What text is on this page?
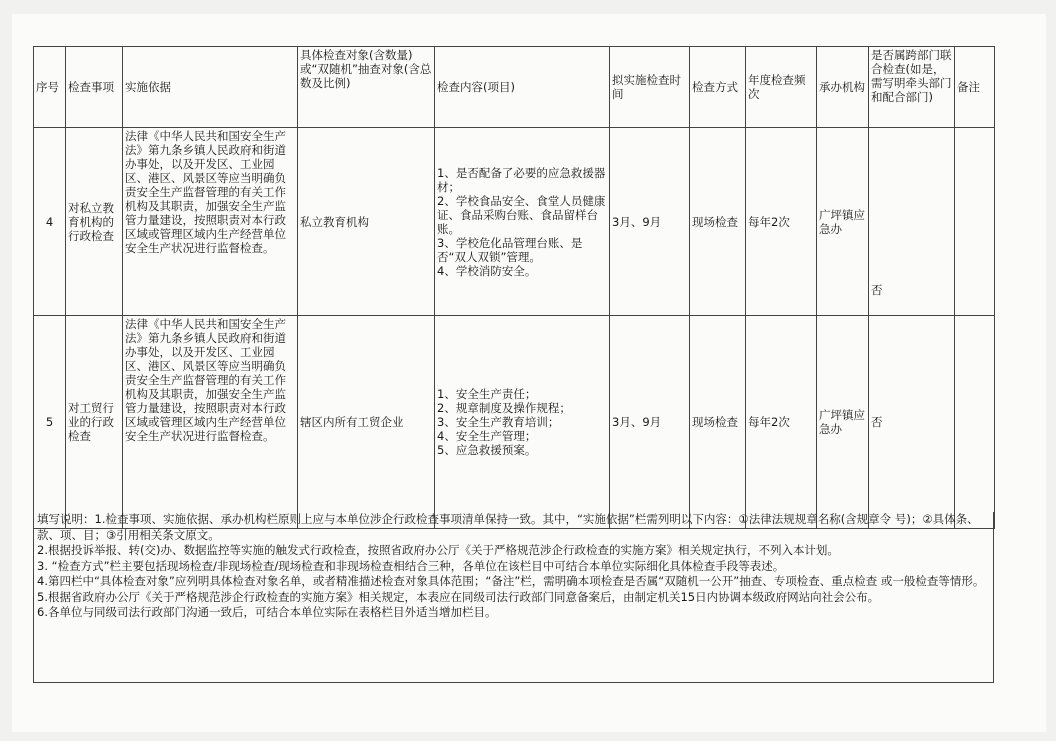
序号	检查事项	实施依据	具体检查对象(含数量)或“双随机”抽查对象(含总数及比例)	检查内容(项目)	拟实施检查时间	检查方式	年度检查频次	承办机构	是否属跨部门联合检查(如是，需写明牵头部门和配合部门)	备注
4	对私立教育机构的行政检查	法律《中华人民共和国安全生产法》第九条乡镇人民政府和街道办事处，以及开发区、工业园区、港区、风景区等应当明确负责安全生产监督管理的有关工作机构及其职责，加强安全生产监管力量建设，按照职责对本行政区域或管理区域内生产经营单位安全生产状况进行监督检查。	私立教育机构	1、是否配备了必要的应急救援器材；
2、学校食品安全、食堂人员健康证、食品采购台账、食品留样台账。
3、学校危化品管理台账、是否“双人双锁”管理。
4、学校消防安全。	3月、9月	现场检查	每年2次	广坪镇应急办	否	
5	对工贸行业的行政检查	法律《中华人民共和国安全生产法》第九条乡镇人民政府和街道办事处，以及开发区、工业园区、港区、风景区等应当明确负责安全生产监督管理的有关工作机构及其职责，加强安全生产监管力量建设，按照职责对本行政区域或管理区域内生产经营单位安全生产状况进行监督检查。	辖区内所有工贸企业	1、安全生产责任；
2、规章制度及操作规程；
3、安全生产教育培训；
4、安全生产管理；
5、应急救援预案。	3月、9月	现场检查	每年2次	广坪镇应急办	否	

填写说明：1.检查事项、实施依据、承办机构栏原则上应与本单位涉企行政检查事项清单保持一致。其中，“实施依据”栏需列明以下内容：①法律法规规章名称(含规章令 号)；②具体条、款、项、目；③引用相关条文原文。

2.根据投诉举报、转(交)办、数据监控等实施的触发式行政检查，按照省政府办公厅《关于严格规范涉企行政检查的实施方案》相关规定执行，不列入本计划。

3. “检查方式”栏主要包括现场检查/非现场检查/现场检查和非现场检查相结合三种，各单位在该栏目中可结合本单位实际细化具体检查手段等表述。

4.第四栏中“具体检查对象”应列明具体检查对象名单，或者精准描述检查对象具体范围；“备注”栏，需明确本项检查是否属“双随机一公开”抽查、专项检查、重点检查 或一般检查等情形。

5.根据省政府办公厅《关于严格规范涉企行政检查的实施方案》相关规定，本表应在同级司法行政部门同意备案后，由制定机关15日内协调本级政府网站向社会公布。

6.各单位与同级司法行政部门沟通一致后，可结合本单位实际在表格栏目外适当增加栏目。
